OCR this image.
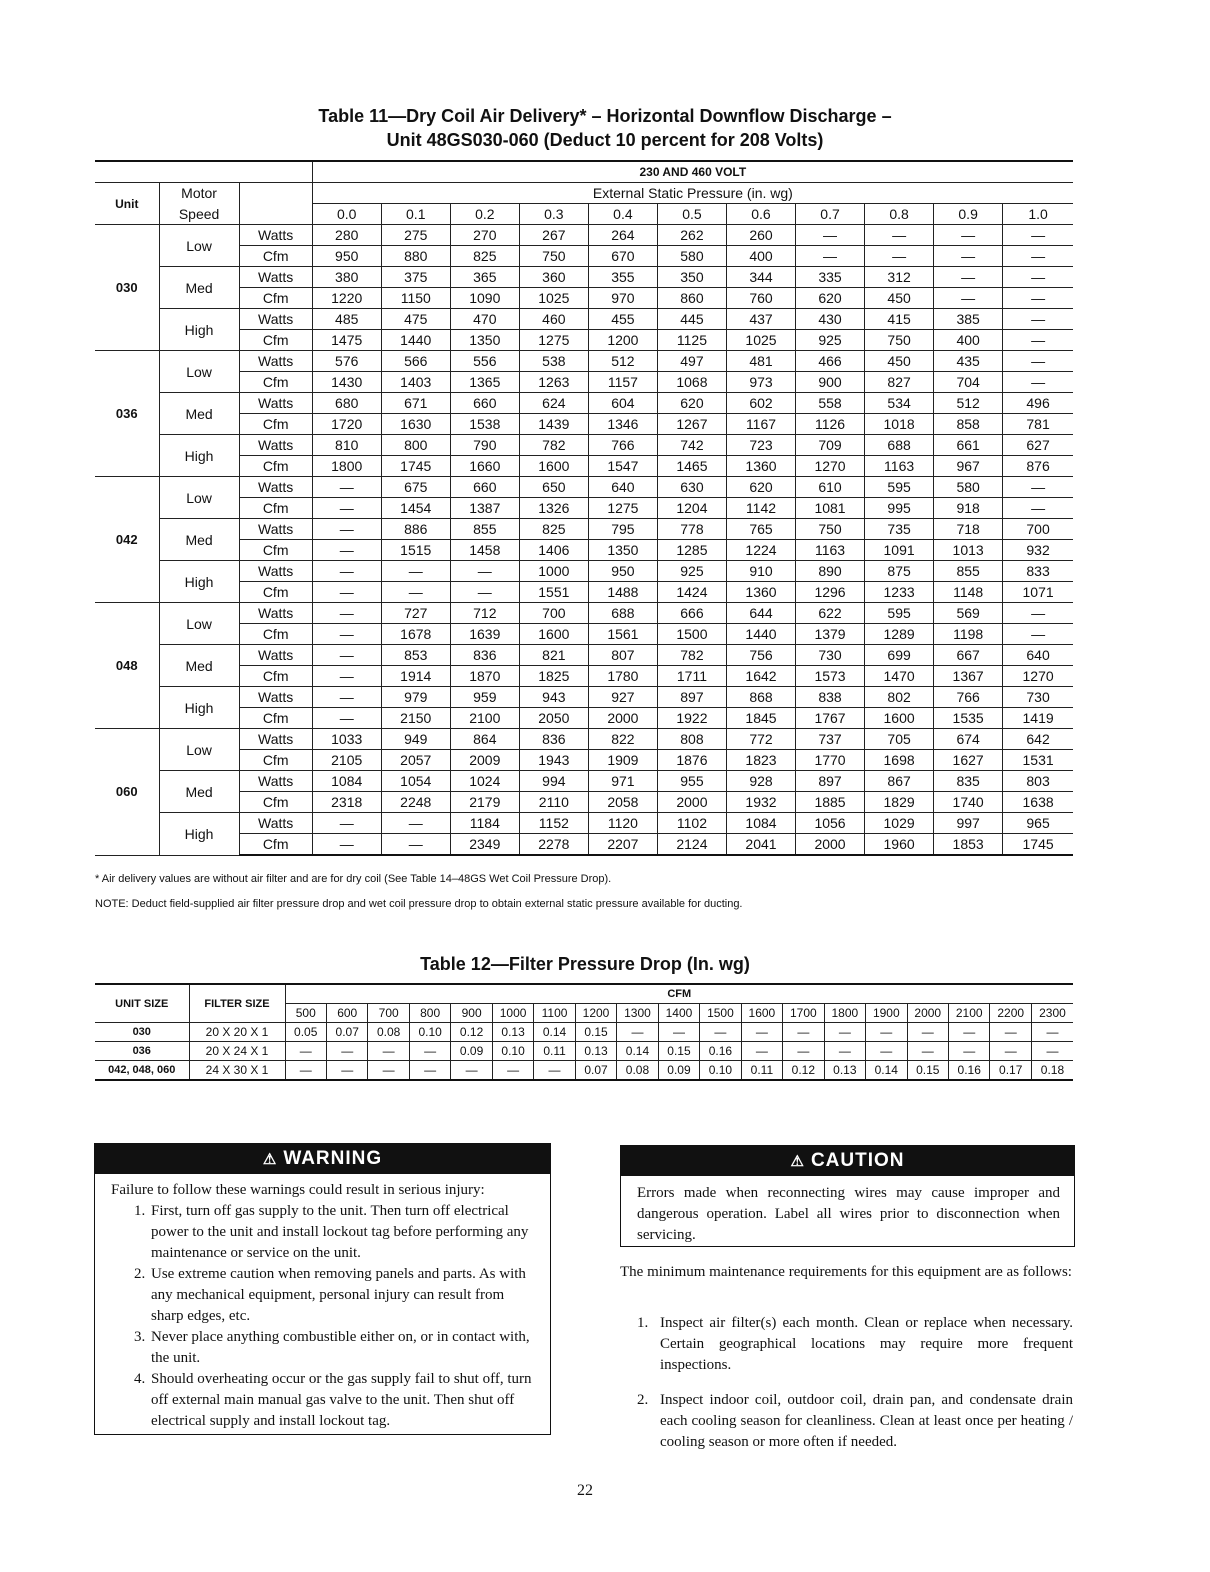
Table 11—Dry Coil Air Delivery* – Horizontal Downflow Discharge –
Unit 48GS030-060 (Deduct 10 percent for 208 Volts)
			230 AND 460 VOLT										
Unit	Motor		External Static Pressure (in. wg)										
	Speed		0.0	0.1	0.2	0.3	0.4	0.5	0.6	0.7	0.8	0.9	1.0
030	Low	Watts	280	275	270	267	264	262	260	—	—	—	—
		Cfm	950	880	825	750	670	580	400	—	—	—	—
	Med	Watts	380	375	365	360	355	350	344	335	312	—	—
		Cfm	1220	1150	1090	1025	970	860	760	620	450	—	—
	High	Watts	485	475	470	460	455	445	437	430	415	385	—
		Cfm	1475	1440	1350	1275	1200	1125	1025	925	750	400	—
036	Low	Watts	576	566	556	538	512	497	481	466	450	435	—
		Cfm	1430	1403	1365	1263	1157	1068	973	900	827	704	—
	Med	Watts	680	671	660	624	604	620	602	558	534	512	496
		Cfm	1720	1630	1538	1439	1346	1267	1167	1126	1018	858	781
	High	Watts	810	800	790	782	766	742	723	709	688	661	627
		Cfm	1800	1745	1660	1600	1547	1465	1360	1270	1163	967	876
042	Low	Watts	—	675	660	650	640	630	620	610	595	580	—
		Cfm	—	1454	1387	1326	1275	1204	1142	1081	995	918	—
	Med	Watts	—	886	855	825	795	778	765	750	735	718	700
		Cfm	—	1515	1458	1406	1350	1285	1224	1163	1091	1013	932
	High	Watts	—	—	—	1000	950	925	910	890	875	855	833
		Cfm	—	—	—	1551	1488	1424	1360	1296	1233	1148	1071
048	Low	Watts	—	727	712	700	688	666	644	622	595	569	—
		Cfm	—	1678	1639	1600	1561	1500	1440	1379	1289	1198	—
	Med	Watts	—	853	836	821	807	782	756	730	699	667	640
		Cfm	—	1914	1870	1825	1780	1711	1642	1573	1470	1367	1270
	High	Watts	—	979	959	943	927	897	868	838	802	766	730
		Cfm	—	2150	2100	2050	2000	1922	1845	1767	1600	1535	1419
060	Low	Watts	1033	949	864	836	822	808	772	737	705	674	642
		Cfm	2105	2057	2009	1943	1909	1876	1823	1770	1698	1627	1531
	Med	Watts	1084	1054	1024	994	971	955	928	897	867	835	803
		Cfm	2318	2248	2179	2110	2058	2000	1932	1885	1829	1740	1638
	High	Watts	—	—	1184	1152	1120	1102	1084	1056	1029	997	965
		Cfm	—	—	2349	2278	2207	2124	2041	2000	1960	1853	1745
* Air delivery values are without air filter and are for dry coil (See Table 14–48GS Wet Coil Pressure Drop).
NOTE: Deduct field-supplied air filter pressure drop and wet coil pressure drop to obtain external static pressure available for ducting.
Table 12—Filter Pressure Drop (In. wg)
UNIT SIZE	FILTER SIZE	CFM																		
		500	600	700	800	900	1000	1100	1200	1300	1400	1500	1600	1700	1800	1900	2000	2100	2200	2300
030	20 X 20 X 1	0.05	0.07	0.08	0.10	0.12	0.13	0.14	0.15	—	—	—	—	—	—	—	—	—	—	—
036	20 X 24 X 1	—	—	—	—	0.09	0.10	0.11	0.13	0.14	0.15	0.16	—	—	—	—	—	—	—	—
042, 048, 060	24 X 30 X 1	—	—	—	—	—	—	—	0.07	0.08	0.09	0.10	0.11	0.12	0.13	0.14	0.15	0.16	0.17	0.18
⚠ WARNING
Failure to follow these warnings could result in serious injury:
1. First, turn off gas supply to the unit. Then turn off electrical power to the unit and install lockout tag before performing any maintenance or service on the unit.
2. Use extreme caution when removing panels and parts. As with any mechanical equipment, personal injury can result from sharp edges, etc.
3. Never place anything combustible either on, or in contact with, the unit.
4. Should overheating occur or the gas supply fail to shut off, turn off external main manual gas valve to the unit. Then shut off electrical supply and install lockout tag.
⚠ CAUTION
Errors made when reconnecting wires may cause improper and dangerous operation. Label all wires prior to disconnection when servicing.
The minimum maintenance requirements for this equipment are as follows:
1. Inspect air filter(s) each month. Clean or replace when necessary. Certain geographical locations may require more frequent inspections.
2. Inspect indoor coil, outdoor coil, drain pan, and condensate drain each cooling season for cleanliness. Clean at least once per heating / cooling season or more often if needed.
22
